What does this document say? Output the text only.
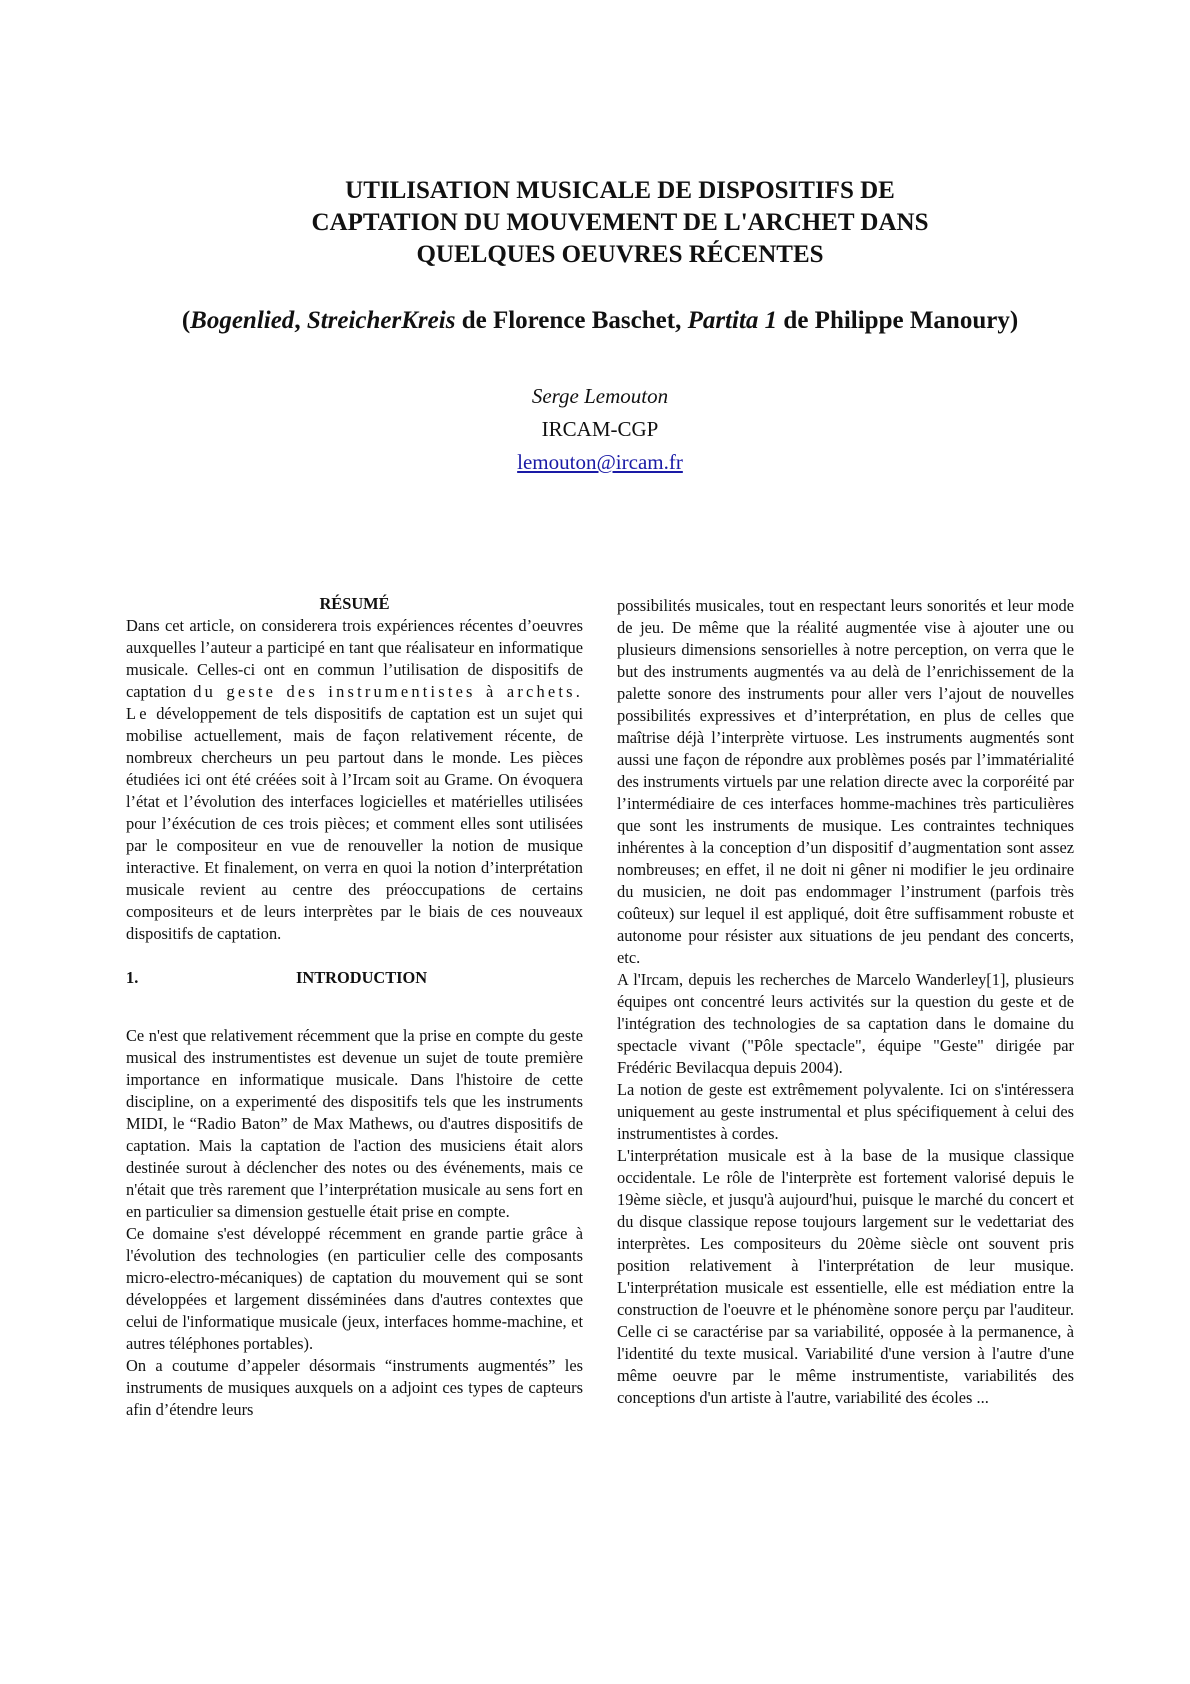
UTILISATION MUSICALE DE DISPOSITIFS DE
CAPTATION DU MOUVEMENT DE L'ARCHET DANS
QUELQUES OEUVRES RÉCENTES
(Bogenlied, StreicherKreis de Florence Baschet, Partita 1 de Philippe Manoury)
Serge Lemouton
IRCAM-CGP
lemouton@ircam.fr

RÉSUMÉ

Dans cet article, on considerera trois expériences récentes d’oeuvres auxquelles l’auteur a participé en tant que réalisateur en informatique musicale. Celles-ci ont en commun l’utilisation de dispositifs de captation du geste des instrumentistes à archets. Le développement de tels dispositifs de captation est un sujet qui mobilise actuellement, mais de façon relativement récente, de nombreux chercheurs un peu partout dans le monde. Les pièces étudiées ici ont été créées soit à l’Ircam soit au Grame. On évoquera l’état et l’évolution des interfaces logicielles et matérielles utilisées pour l’éxécution de ces trois pièces; et comment elles sont utilisées par le compositeur en vue de renouveller la notion de musique interactive. Et finalement, on verra en quoi la notion d’interprétation musicale revient au centre des préoccupations de certains compositeurs et de leurs interprètes par le biais de ces nouveaux dispositifs de captation.

1.	INTRODUCTION

Ce n'est que relativement récemment que la prise en compte du geste musical des instrumentistes est devenue un sujet de toute première importance en informatique musicale. Dans l'histoire de cette discipline, on a experimenté des dispositifs tels que les instruments MIDI, le “Radio Baton” de Max Mathews, ou d'autres dispositifs de captation. Mais la captation de l'action des musiciens était alors destinée surout à déclencher des notes ou des événements, mais ce n'était que très rarement que l’interprétation musicale au sens fort en en particulier sa dimension gestuelle était prise en compte.

Ce domaine s'est développé récemment en grande partie grâce à l'évolution des technologies (en particulier celle des composants micro-electro-mécaniques) de captation du mouvement qui se sont développées et largement disséminées dans d'autres contextes que celui de l'informatique musicale (jeux, interfaces homme-machine, et autres téléphones portables).

On a coutume d’appeler désormais “instruments augmentés” les instruments de musiques auxquels on a adjoint ces types de capteurs afin d’étendre leurs

possibilités musicales, tout en respectant leurs sonorités et leur mode de jeu. De même que la réalité augmentée vise à ajouter une ou plusieurs dimensions sensorielles à notre perception, on verra que le but des instruments augmentés va au delà de l’enrichissement de la palette sonore des instruments pour aller vers l’ajout de nouvelles possibilités expressives et d’interprétation, en plus de celles que maîtrise déjà l’interprète virtuose. Les instruments augmentés sont aussi une façon de répondre aux problèmes posés par l’immatérialité des instruments virtuels par une relation directe avec la corporéité par l’intermédiaire de ces interfaces homme-machines très particulières que sont les instruments de musique. Les contraintes techniques inhérentes à la conception d’un dispositif d’augmentation sont assez nombreuses; en effet, il ne doit ni gêner ni modifier le jeu ordinaire du musicien, ne doit pas endommager l’instrument (parfois très coûteux) sur lequel il est appliqué, doit être suffisamment robuste et autonome pour résister aux situations de jeu pendant des concerts, etc.

A l'Ircam, depuis les recherches de Marcelo Wanderley[1], plusieurs équipes ont concentré leurs activités sur la question du geste et de l'intégration des technologies de sa captation dans le domaine du spectacle vivant ("Pôle spectacle", équipe "Geste" dirigée par Frédéric Bevilacqua depuis 2004).

La notion de geste est extrêmement polyvalente. Ici on s'intéressera uniquement au geste instrumental et plus spécifiquement à celui des instrumentistes à cordes.

L'interprétation musicale est à la base de la musique classique occidentale. Le rôle de l'interprète est fortement valorisé depuis le 19ème siècle, et jusqu'à aujourd'hui, puisque le marché du concert et du disque classique repose toujours largement sur le vedettariat des interprètes. Les compositeurs du 20ème siècle ont souvent pris position relativement à l'interprétation de leur musique. L'interprétation musicale est essentielle, elle est médiation entre la construction de l'oeuvre et le phénomène sonore perçu par l'auditeur. Celle ci se caractérise par sa variabilité, opposée à la permanence, à l'identité du texte musical. Variabilité d'une version à l'autre d'une même oeuvre par le même instrumentiste, variabilités des conceptions d'un artiste à l'autre, variabilité des écoles ...
